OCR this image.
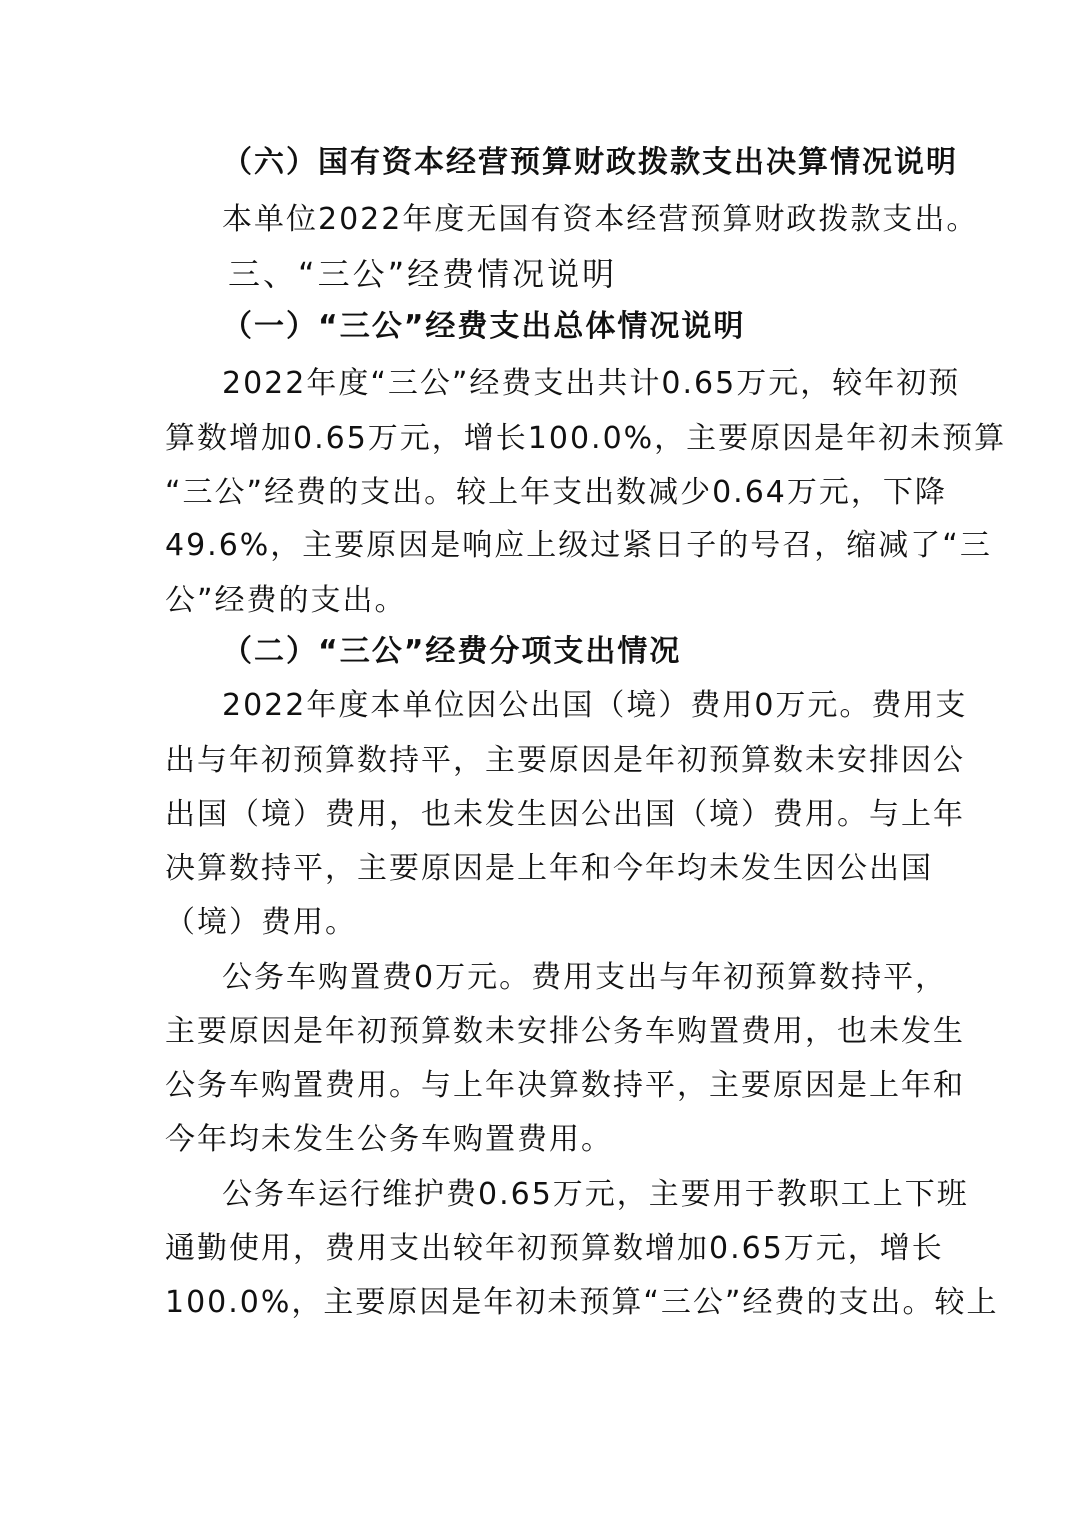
（六）国有资本经营预算财政拨款支出决算情况说明
本单位2022年度无国有资本经营预算财政拨款支出。
三、“三公”经费情况说明
（一）“三公”经费支出总体情况说明
2022年度“三公”经费支出共计0.65万元，较年初预
算数增加0.65万元，增长100.0%，主要原因是年初未预算
“三公”经费的支出。较上年支出数减少0.64万元，下降
49.6%，主要原因是响应上级过紧日子的号召，缩减了“三
公”经费的支出。
（二）“三公”经费分项支出情况
2022年度本单位因公出国（境）费用0万元。费用支
出与年初预算数持平，主要原因是年初预算数未安排因公
出国（境）费用，也未发生因公出国（境）费用。与上年
决算数持平，主要原因是上年和今年均未发生因公出国
（境）费用。
公务车购置费0万元。费用支出与年初预算数持平，
主要原因是年初预算数未安排公务车购置费用，也未发生
公务车购置费用。与上年决算数持平，主要原因是上年和
今年均未发生公务车购置费用。
公务车运行维护费0.65万元，主要用于教职工上下班
通勤使用，费用支出较年初预算数增加0.65万元，增长
100.0%，主要原因是年初未预算“三公”经费的支出。较上
